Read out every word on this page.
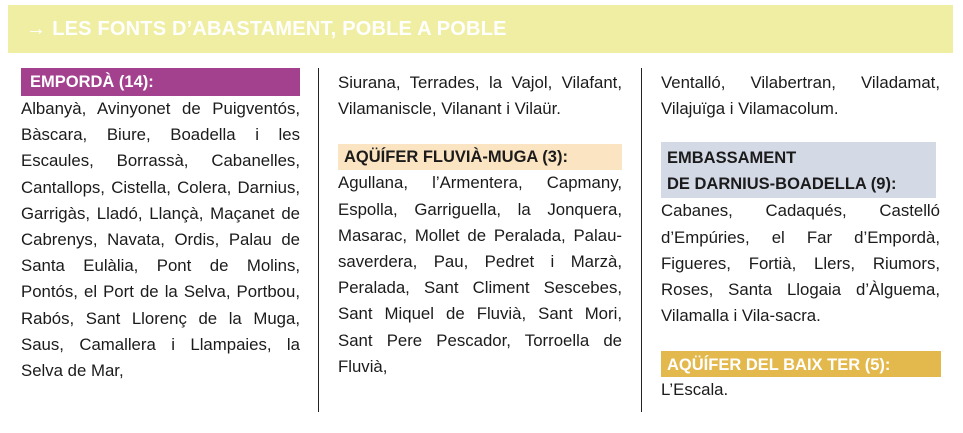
→ LES FONTS D’ABASTAMENT, POBLE A POBLE
EMPORDÀ (14):

Albanyà, Avinyonet de Puigventós, Bàscara, Biure, Boadella i les Escaules, Borrassà, Cabanelles, Cantallops, Cistella, Colera, Darnius, Garrigàs, Lladó, Llançà, Maçanet de Cabrenys, Navata, Ordis, Palau de Santa Eulàlia, Pont de Molins, Pontós, el Port de la Selva, Portbou, Rabós, Sant Llorenç de la Muga, Saus, Camallera i Llampaies, la Selva de Mar,

Siurana, Terrades, la Vajol, Vilafant, Vilamaniscle, Vilanant i Vilaür.

AQÜÍFER FLUVIÀ-MUGA (3):

Agullana, l’Armentera, Capmany, Espolla, Garriguella, la Jonquera, Masarac, Mollet de Peralada, Palau-saverdera, Pau, Pedret i Marzà, Peralada, Sant Climent Sescebes, Sant Miquel de Fluvià, Sant Mori, Sant Pere Pescador, Torroella de Fluvià,

Ventalló, Vilabertran, Viladamat, Vilajuïga i Vilamacolum.

EMBASSAMENT
DE DARNIUS-BOADELLA (9):

Cabanes, Cadaqués, Castelló d’Empúries, el Far d’Empordà, Figueres, Fortià, Llers, Riumors, Roses, Santa Llogaia d’Àlguema, Vilamalla i Vila-sacra.

AQÜÍFER DEL BAIX TER (5):

L’Escala.
